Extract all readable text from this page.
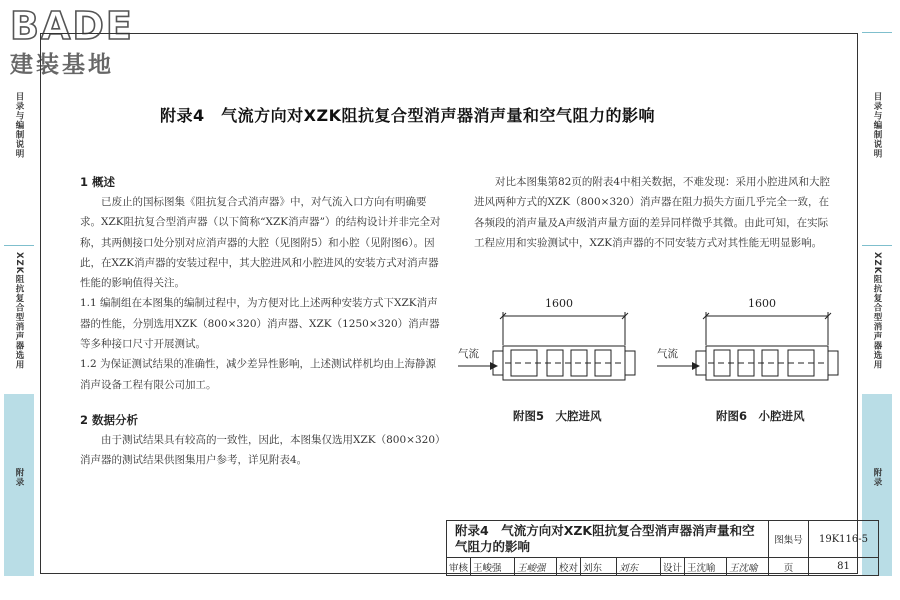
BADE
建装基地
目录与编制说明
XZK阻抗复合型消声器选用
附录
目录与编制说明
XZK阻抗复合型消声器选用
附录
附录4　气流方向对XZK阻抗复合型消声器消声量和空气阻力的影响
1 概述

已废止的国标图集《阻抗复合式消声器》中，对气流入口方向有明确要求。XZK阻抗复合型消声器（以下简称“XZK消声器”）的结构设计并非完全对称，其两侧接口处分别对应消声器的大腔（见图附5）和小腔（见附图6）。因此，在XZK消声器的安装过程中，其大腔进风和小腔进风的安装方式对消声器性能的影响值得关注。

1.1 编制组在本图集的编制过程中，为方便对比上述两种安装方式下XZK消声器的性能，分别选用XZK（800×320）消声器、XZK（1250×320）消声器等多种接口尺寸开展测试。

1.2 为保证测试结果的准确性，减少差异性影响，上述测试样机均由上海静源消声设备工程有限公司加工。

2 数据分析

由于测试结果具有较高的一致性，因此，本图集仅选用XZK（800×320）消声器的测试结果供图集用户参考，详见附表4。

对比本图集第82页的附表4中相关数据，不难发现：采用小腔进风和大腔进风两种方式的XZK（800×320）消声器在阻力损失方面几乎完全一致，在各频段的消声量及A声级消声量方面的差异同样微乎其微。由此可知，在实际工程应用和实验测试中，XZK消声器的不同安装方式对其性能无明显影响。

1600
气流
附图5　大腔进风
1600
气流
附图6　小腔进风
附录4　气流方向对XZK阻抗复合型消声器消声量和空气阻力的影响									图集号	19K116-5
审核	王峻强	王峻强	校对	刘东	刘东	设计	王沈喻	王沈喻	页	81
